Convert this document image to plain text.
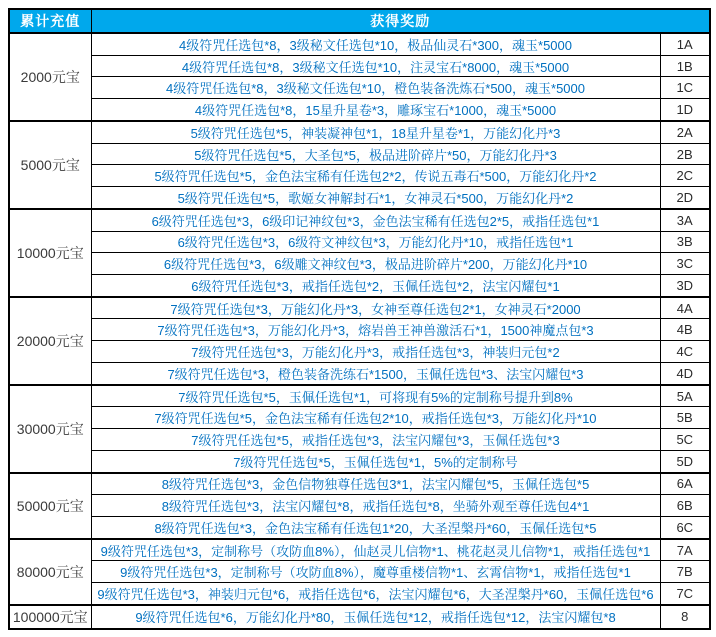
累计充值	获得奖励	
2000元宝	4级符咒任选包*8，3级秘文任选包*10，极品仙灵石*300，魂玉*5000	1A
	4级符咒任选包*8，3级秘文任选包*10，注灵宝石*8000，魂玉*5000	1B
	4级符咒任选包*8，3级秘文任选包*10，橙色装备洗炼石*500，魂玉*5000	1C
	4级符咒任选包*8，15星升星卷*3，雕琢宝石*1000，魂玉*5000	1D
5000元宝	5级符咒任选包*5，神装凝神包*1，18星升星卷*1，万能幻化丹*3	2A
	5级符咒任选包*5，大圣包*5，极品进阶碎片*50，万能幻化丹*3	2B
	5级符咒任选包*5，金色法宝稀有任选包2*2，传说五毒石*500，万能幻化丹*2	2C
	5级符咒任选包*5，歌姬女神解封石*1，女神灵石*500，万能幻化丹*2	2D
10000元宝	6级符咒任选包*3，6级印记神纹包*3，金色法宝稀有任选包2*5，戒指任选包*1	3A
	6级符咒任选包*3，6级符文神纹包*3，万能幻化丹*10，戒指任选包*1	3B
	6级符咒任选包*3，6级雕文神纹包*3，极品进阶碎片*200，万能幻化丹*10	3C
	6级符咒任选包*3，戒指任选包*2，玉佩任选包*2，法宝闪耀包*1	3D
20000元宝	7级符咒任选包*3，万能幻化丹*3，女神至尊任选包2*1，女神灵石*2000	4A
	7级符咒任选包*3，万能幻化丹*3，熔岩兽王神兽激活石*1，1500神魔点包*3	4B
	7级符咒任选包*3，万能幻化丹*3，戒指任选包*3，神装归元包*2	4C
	7级符咒任选包*3，橙色装备洗练石*1500，玉佩任选包*3、法宝闪耀包*3	4D
30000元宝	7级符咒任选包*5，玉佩任选包*1，可将现有5%的定制称号提升到8%	5A
	7级符咒任选包*5，金色法宝稀有任选包2*10，戒指任选包*3，万能幻化丹*10	5B
	7级符咒任选包*5，戒指任选包*3，法宝闪耀包*3，玉佩任选包*3	5C
	7级符咒任选包*5，玉佩任选包*1，5%的定制称号	5D
50000元宝	8级符咒任选包*3，金色信物独尊任选包3*1，法宝闪耀包*5，玉佩任选包*5	6A
	8级符咒任选包*3，法宝闪耀包*8，戒指任选包*8，坐骑外观至尊任选包4*1	6B
	8级符咒任选包*3，金色法宝稀有任选包1*20，大圣涅槃丹*60，玉佩任选包*5	6C
80000元宝	9级符咒任选包*3，定制称号（攻防血8%），仙赵灵儿信物*1、桃花赵灵儿信物*1，戒指任选包*1	7A
	9级符咒任选包*3，定制称号（攻防血8%），魔尊重楼信物*1、玄霄信物*1，戒指任选包*1	7B
	9级符咒任选包*3，神装归元包*6，戒指任选包*6，法宝闪耀包*6，大圣涅槃丹*60，玉佩任选包*6	7C
100000元宝	9级符咒任选包*6，万能幻化丹*80，玉佩任选包*12，戒指任选包*12，法宝闪耀包*8	8
